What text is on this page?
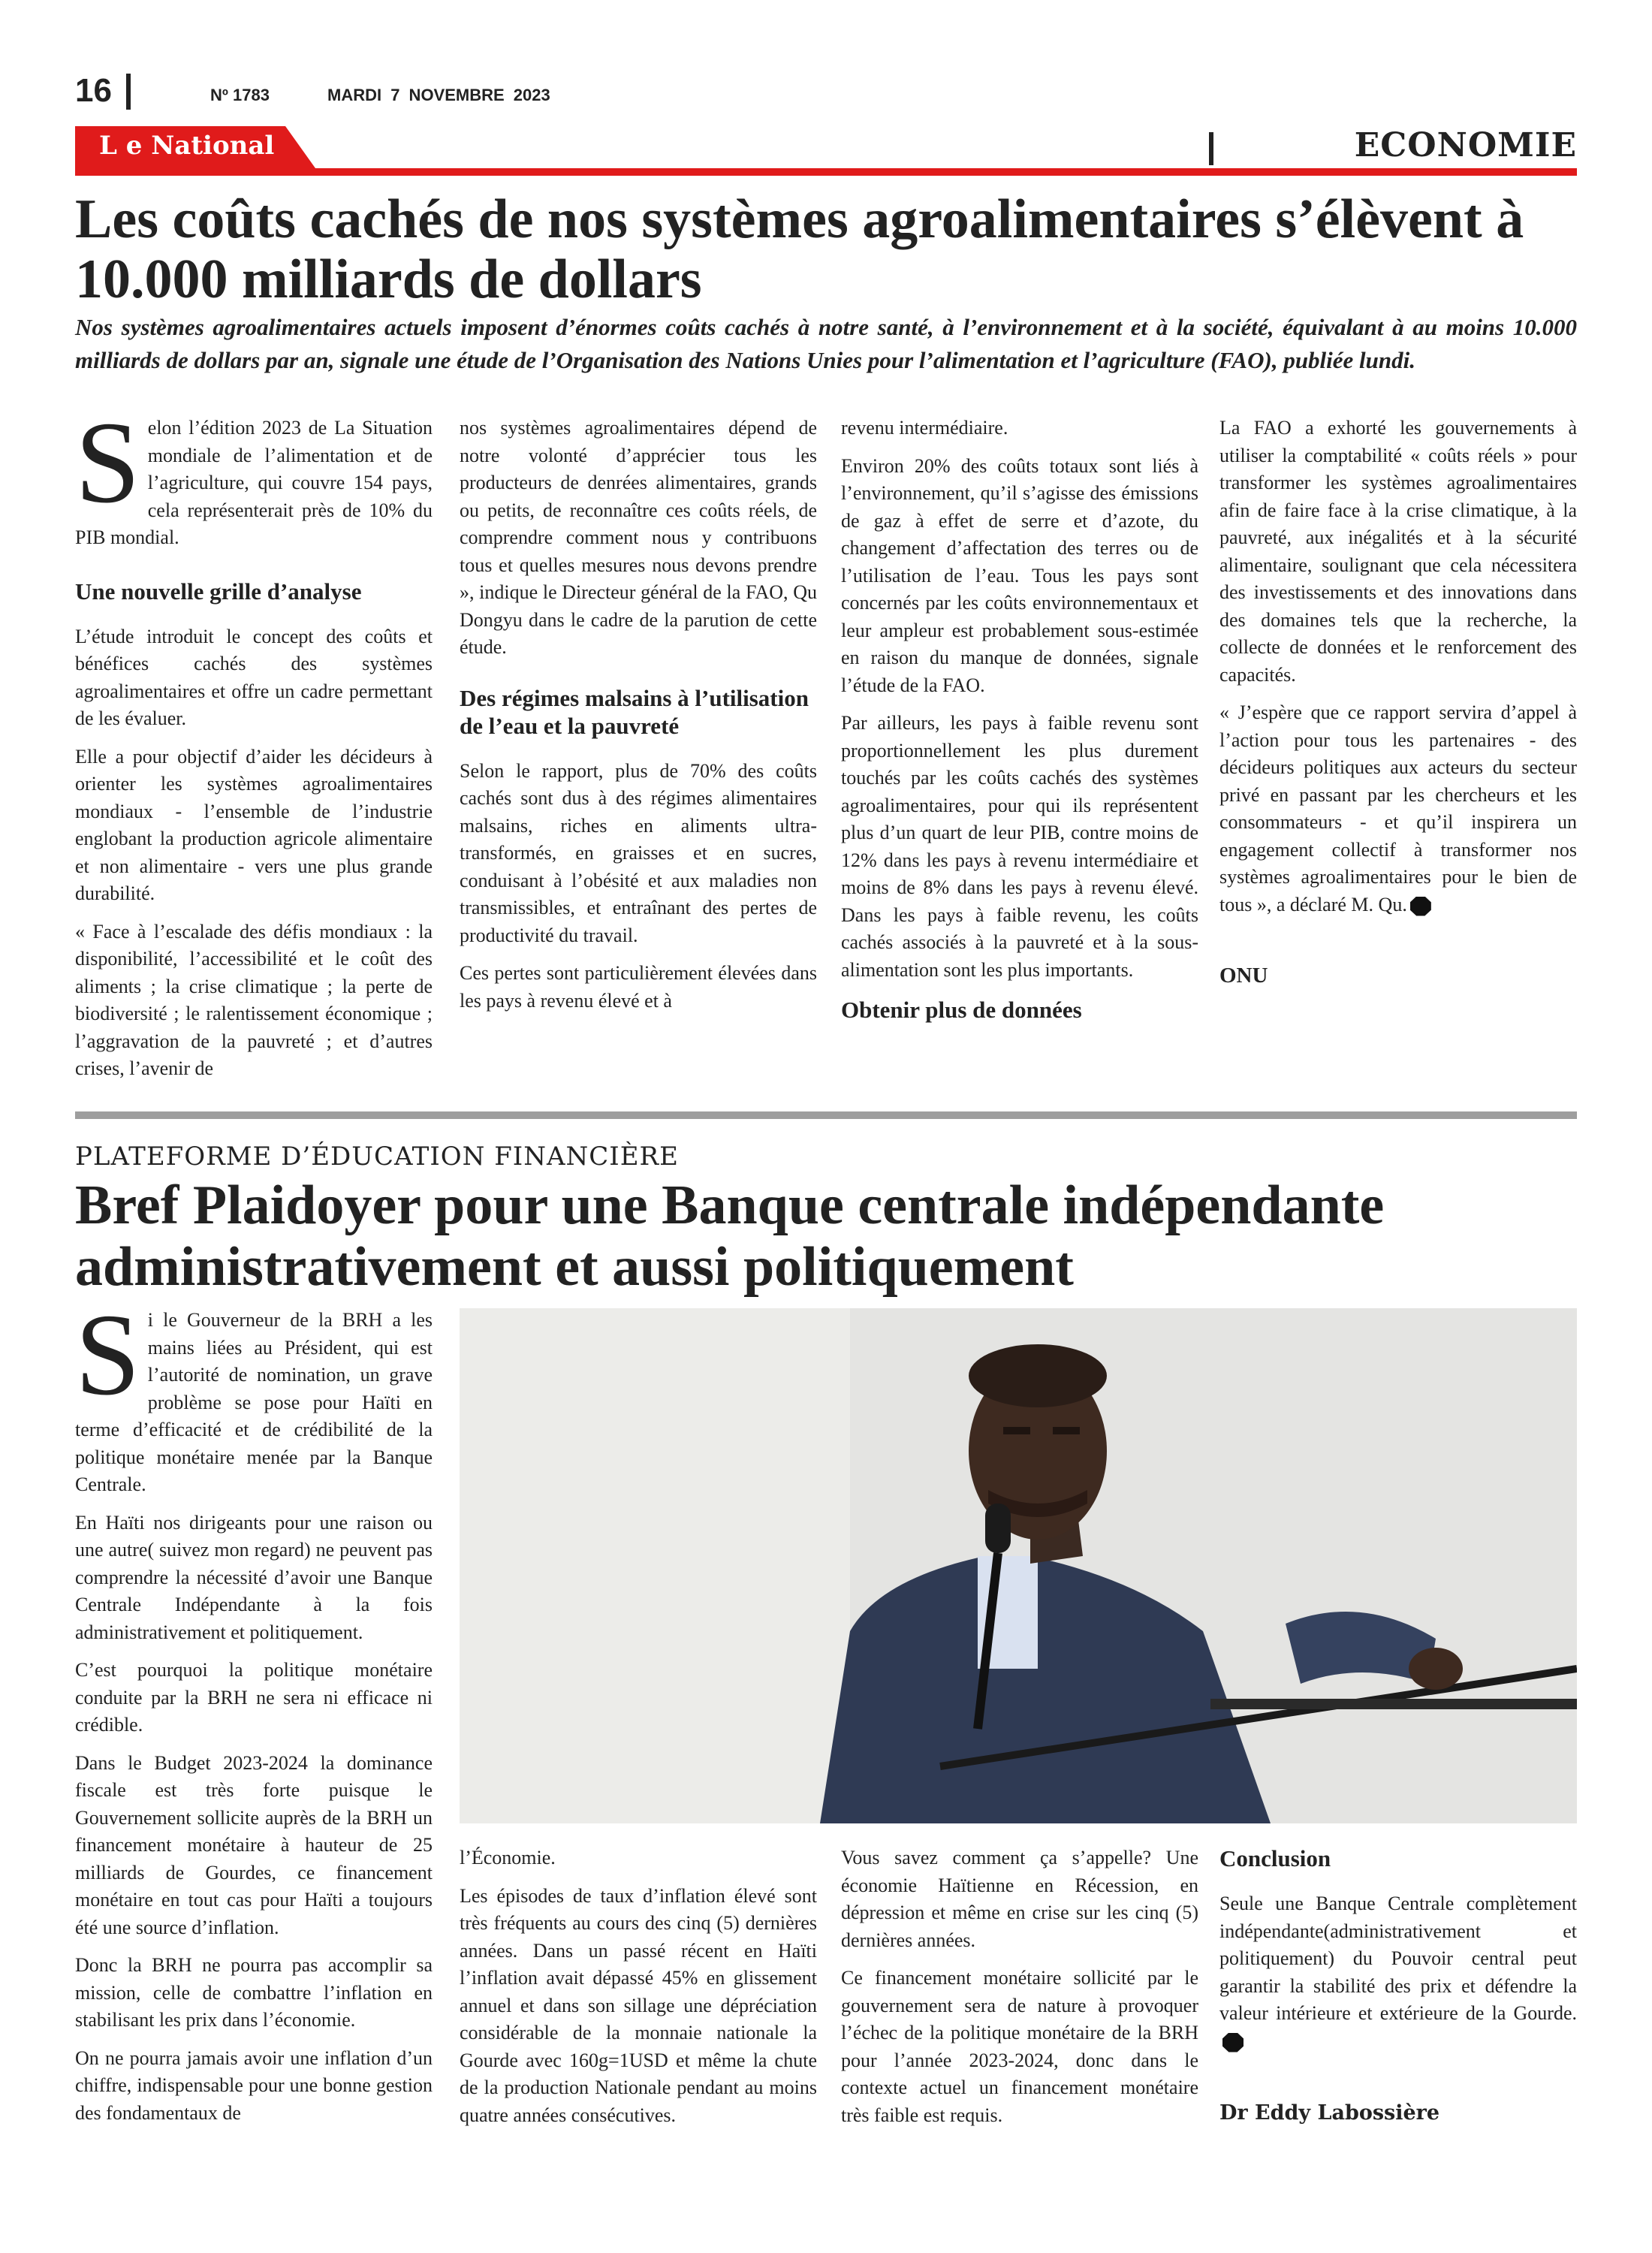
16	Nº 1783	MARDI 7 NOVEMBRE 2023
L e National	ECONOMIE
Les coûts cachés de nos systèmes agroalimentaires s’élèvent à 10.000 milliards de dollars
Nos systèmes agroalimentaires actuels imposent d’énormes coûts cachés à notre santé, à l’environnement et à la société, équivalant à au moins 10.000 milliards de dollars par an, signale une étude de l’Organisation des Nations Unies pour l’alimentation et l’agriculture (FAO), publiée lundi.

Selon l’édition 2023 de La Situation mondiale de l’alimentation et de l’agriculture, qui couvre 154 pays, cela représenterait près de 10% du PIB mondial.

Une nouvelle grille d’analyse

L’étude introduit le concept des coûts et bénéfices cachés des systèmes agroalimentaires et offre un cadre permettant de les évaluer.

Elle a pour objectif d’aider les décideurs à orienter les systèmes agroalimentaires mondiaux - l’ensemble de l’industrie englobant la production agricole alimentaire et non alimentaire - vers une plus grande durabilité.

« Face à l’escalade des défis mondiaux : la disponibilité, l’accessibilité et le coût des aliments ; la crise climatique ; la perte de biodiversité ; le ralentissement économique ; l’aggravation de la pauvreté ; et d’autres crises, l’avenir de

nos systèmes agroalimentaires dépend de notre volonté d’apprécier tous les producteurs de denrées alimentaires, grands ou petits, de reconnaître ces coûts réels, de comprendre comment nous y contribuons tous et quelles mesures nous devons prendre », indique le Directeur général de la FAO, Qu Dongyu dans le cadre de la parution de cette étude.

Des régimes malsains à l’utilisation de l’eau et la pauvreté

Selon le rapport, plus de 70% des coûts cachés sont dus à des régimes alimentaires malsains, riches en aliments ultra-transformés, en graisses et en sucres, conduisant à l’obésité et aux maladies non transmissibles, et entraînant des pertes de productivité du travail.

Ces pertes sont particulièrement élevées dans les pays à revenu élevé et à

revenu intermédiaire.

Environ 20% des coûts totaux sont liés à l’environnement, qu’il s’agisse des émissions de gaz à effet de serre et d’azote, du changement d’affectation des terres ou de l’utilisation de l’eau. Tous les pays sont concernés par les coûts environnementaux et leur ampleur est probablement sous-estimée en raison du manque de données, signale l’étude de la FAO.

Par ailleurs, les pays à faible revenu sont proportionnellement les plus durement touchés par les coûts cachés des systèmes agroalimentaires, pour qui ils représentent plus d’un quart de leur PIB, contre moins de 12% dans les pays à revenu intermédiaire et moins de 8% dans les pays à revenu élevé. Dans les pays à faible revenu, les coûts cachés associés à la pauvreté et à la sous-alimentation sont les plus importants.

Obtenir plus de données

La FAO a exhorté les gouvernements à utiliser la comptabilité « coûts réels » pour transformer les systèmes agroalimentaires afin de faire face à la crise climatique, à la pauvreté, aux inégalités et à la sécurité alimentaire, soulignant que cela nécessitera des investissements et des innovations dans des domaines tels que la recherche, la collecte de données et le renforcement des capacités.

« J’espère que ce rapport servira d’appel à l’action pour tous les partenaires - des décideurs politiques aux acteurs du secteur privé en passant par les chercheurs et les consommateurs - et qu’il inspirera un engagement collectif à transformer nos systèmes agroalimentaires pour le bien de tous », a déclaré M. Qu.

ONU

PLATEFORME D’ÉDUCATION FINANCIÈRE
Bref Plaidoyer pour une Banque centrale indépendante administrativement et aussi politiquement

Si le Gouverneur de la BRH a les mains liées au Président, qui est l’autorité de nomination, un grave problème se pose pour Haïti en terme d’efficacité et de crédibilité de la politique monétaire menée par la Banque Centrale.

En Haïti nos dirigeants pour une raison ou une autre( suivez mon regard) ne peuvent pas comprendre la nécessité d’avoir une Banque Centrale Indépendante à la fois administrativement et politiquement.

C’est pourquoi la politique monétaire conduite par la BRH ne sera ni efficace ni crédible.

Dans le Budget 2023-2024 la dominance fiscale est très forte puisque le Gouvernement sollicite auprès de la BRH un financement monétaire à hauteur de 25 milliards de Gourdes, ce financement monétaire en tout cas pour Haïti a toujours été une source d’inflation.

Donc la BRH ne pourra pas accomplir sa mission, celle de combattre l’inflation en stabilisant les prix dans l’économie.

On ne pourra jamais avoir une inflation d’un chiffre, indispensable pour une bonne gestion des fondamentaux de

l’Économie.

Les épisodes de taux d’inflation élevé sont très fréquents au cours des cinq (5) dernières années. Dans un passé récent en Haïti l’inflation avait dépassé 45% en glissement annuel et dans son sillage une dépréciation considérable de la monnaie nationale la Gourde avec 160g=1USD et même la chute de la production Nationale pendant au moins quatre années consécutives.

Vous savez comment ça s’appelle? Une économie Haïtienne en Récession, en dépression et même en crise sur les cinq (5) dernières années.

Ce financement monétaire sollicité par le gouvernement sera de nature à provoquer l’échec de la politique monétaire de la BRH pour l’année 2023-2024, donc dans le contexte actuel un financement monétaire très faible est requis.

Conclusion

Seule une Banque Centrale complètement indépendante(administrativement et politiquement) du Pouvoir central peut garantir la stabilité des prix et défendre la valeur intérieure et extérieure de la Gourde.

Dr Eddy Labossière
